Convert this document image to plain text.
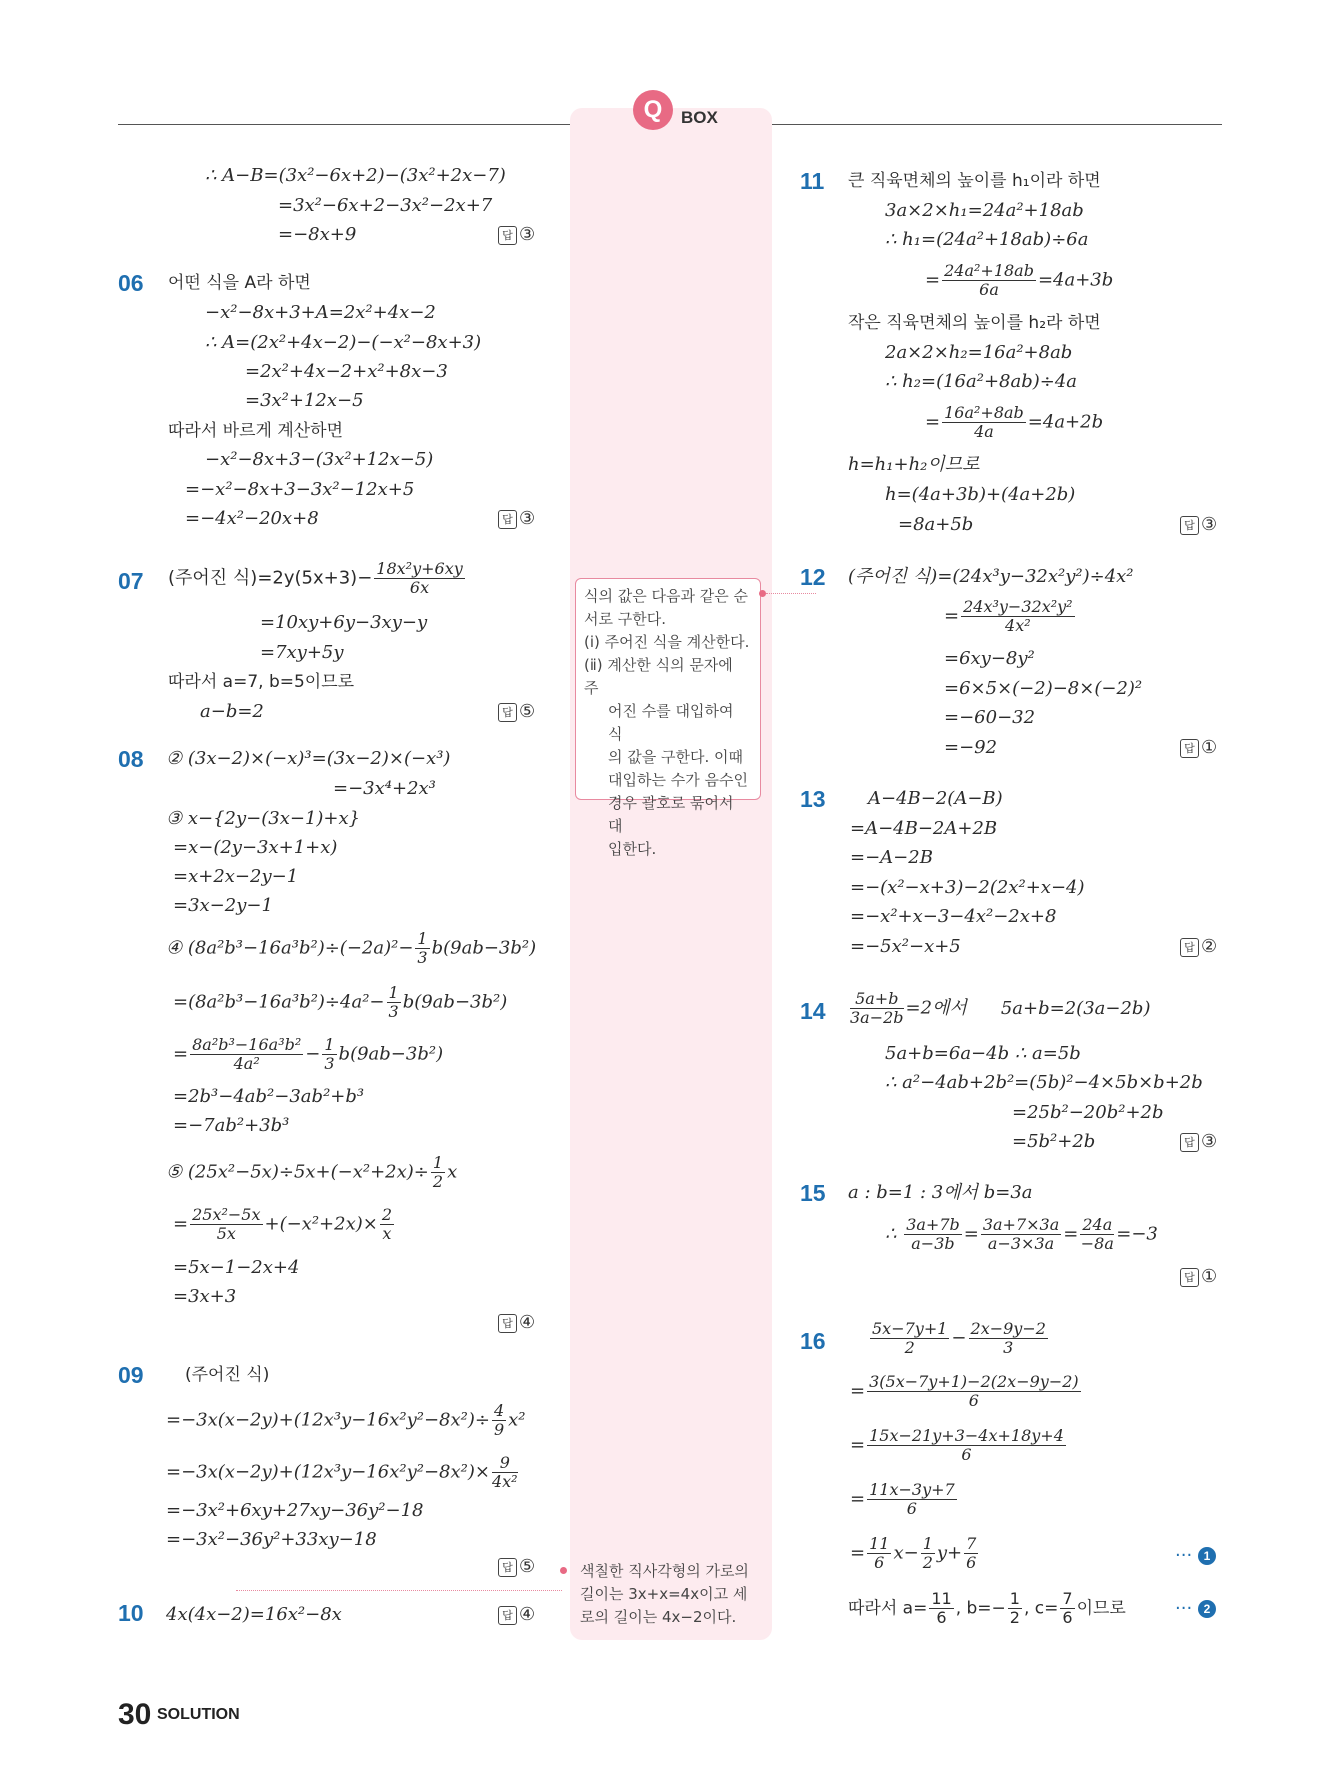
Q	BOX
∴ A−B=(3x²−6x+2)−(3x²+2x−7)
=3x²−6x+2−3x²−2x+7
=−8x+9	답 ③
06 어떤 식을 A라 하면
−x²−8x+3+A=2x²+4x−2
∴ A=(2x²+4x−2)−(−x²−8x+3)
=2x²+4x−2+x²+8x−3
=3x²+12x−5
따라서 바르게 계산하면
−x²−8x+3−(3x²+12x−5)
=−x²−8x+3−3x²−12x+5
=−4x²−20x+8	답 ③
07 (주어진 식)$=2y(5x+3)- \frac{\text{18x²y+6xy}}{6x}$
=10xy+6y−3xy−y
=7xy+5y
따라서 a=7, b=5이므로
a−b=2	답 ⑤
08 ② (3x−2)×(−x)³=(3x−2)×(−x³)
=−3x⁴+2x³
③ x−{2y−(3x−1)+x}
=x−(2y−3x+1+x)
=x+2x−2y−1
=3x−2y−1
④ $(8a^2b^3-16a^3b^2)\div(-2a)^2- \frac{1}{3} b(9ab-3b^2)$
$=(8a^2b^3-16a^3b^2)\div 4a^2- \frac{1}{3} b(9ab-3b^2)$
= $\frac{\text{8a²b³−16a³b²}}{\text{4a²}} - \frac{1}{3} b(9ab-3b^2)$
=2b³−4ab²−3ab²+b³
=−7ab²+3b³
⑤ $(25x^2-5x)\div 5x+(-x^2+2x)\div \frac{1}{2}$ x
= $\frac{\text{25x²−5x}}{5x} +(-x^2+2x)\times \frac{2}{x}$
=5x−1−2x+4
=3x+3
답 ④
09 (주어진 식)
$=-3x(x-2y)+(12x^3y-16x^2y^2-8x^2)\div \frac{4}{9} x^2$
$=-3x(x-2y)+(12x^3y-16x^2y^2-8x^2)\times \frac{9}{\text{4x²}}$
=−3x²+6xy+27xy−36y²−18
=−3x²−36y²+33xy−18
답 ⑤
10 4x(4x−2)=16x²−8x	답 ④
식의 값은 다음과 같은 순
서로 구한다.
(ⅰ) 주어진 식을 계산한다.
(ⅱ) 계산한 식의 문자에 주
어진 수를 대입하여 식
의 값을 구한다. 이때
대입하는 수가 음수인
경우 괄호로 묶어서 대
입한다.
색칠한 직사각형의 가로의
길이는 3x+x=4x이고 세
로의 길이는 4x−2이다.
11 큰 직육면체의 높이를 h₁이라 하면
3a×2×h₁=24a²+18ab
∴ h₁=(24a²+18ab)÷6a
= $\frac{\text{24a²+18ab}}{6a} =4a+3b$
작은 직육면체의 높이를 h₂라 하면
2a×2×h₂=16a²+8ab
∴ h₂=(16a²+8ab)÷4a
= $\frac{\text{16a²+8ab}}{4a} =4a+2b$
h=h₁+h₂이므로
h=(4a+3b)+(4a+2b)
=8a+5b	답 ③
12 (주어진 식)=(24x³y−32x²y²)÷4x²
= $\frac{\text{24x³y−32x²y²}}{\text{4x²}}$
=6xy−8y²
=6×5×(−2)−8×(−2)²
=−60−32
=−92	답 ①
13 A−4B−2(A−B)
=A−4B−2A+2B
=−A−2B
=−(x²−x+3)−2(2x²+x−4)
=−x²+x−3−4x²−2x+8
=−5x²−x+5	답 ②
$14 \frac{5a+b}{3a-2b} =2$에서 5a+b=2(3a−2b)
5a+b=6a−4b ∴ a=5b
∴ a²−4ab+2b²=(5b)²−4×5b×b+2b
=25b²−20b²+2b
=5b²+2b	답 ③
15 a : b=1 : 3에서 b=3a
∴ $\frac{3a+7b}{a-3b} = \frac{3a+7\times 3a}{a-3\times 3a} = \frac{24a}{-8a} =-3$
답 ①
16	$\frac{5x-7y+1}{2} - \frac{2x-9y-2}{3}$
= $\frac{3(5x-7y+1)-2(2x-9y-2)}{6}$
= $\frac{15x-21y+3-4x+18y+4}{6}$
= $\frac{11x-3y+7}{6}$
= $\frac{11}{6} x- \frac{1}{2} y+ \frac{7}{6}$	··· 1
따라서 $a= \frac{11}{6}$ , $b=- \frac{1}{2}$ , $c= \frac{7}{6}$ 이므로	··· 2
30 SOLUTION
